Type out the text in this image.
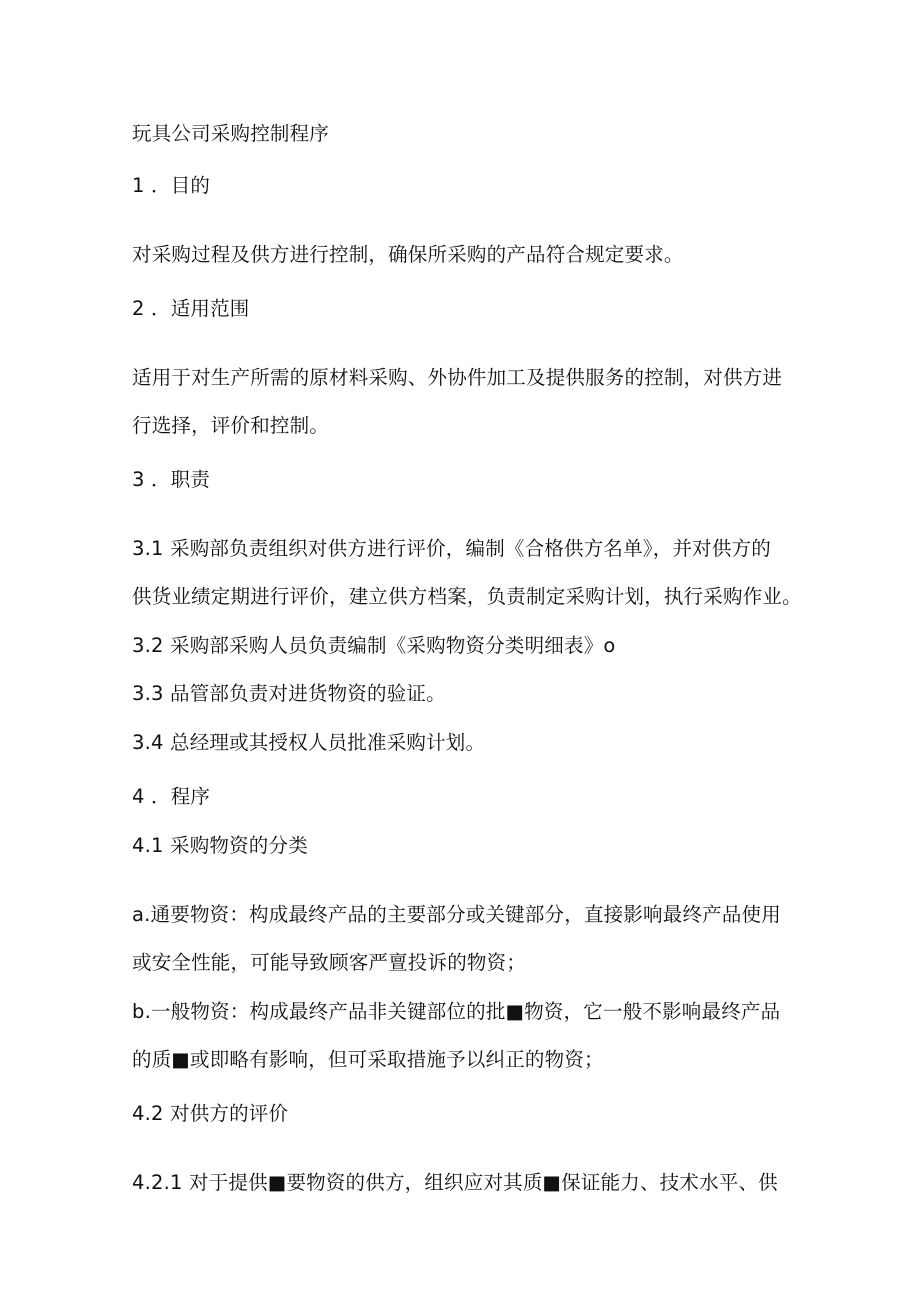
玩具公司采购控制程序
1 ．目的
对采购过程及供方进行控制，确保所采购的产品符合规定要求。
2 ．适用范围
适用于对生产所需的原材料采购、外协件加工及提供服务的控制，对供方进
行选择，评价和控制。
3 ．职责
3.1 采购部负责组织对供方进行评价，编制《合格供方名单》，并对供方的
供货业绩定期进行评价，建立供方档案，负责制定采购计划，执行采购作业。
3.2 采购部采购人员负责编制《采购物资分类明细表》o
3.3 品管部负责对进货物资的验证。
3.4 总经理或其授权人员批准采购计划。
4 ．程序
4.1 采购物资的分类
a.通要物资：构成最终产品的主要部分或关键部分，直接影响最终产品使用
或安全性能，可能导致顾客严亶投诉的物资；
b.一般物资：构成最终产品非关键部位的批■物资，它一般不影响最终产品
的质■或即略有影响，但可采取措施予以纠正的物资；
4.2 对供方的评价
4.2.1 对于提供■要物资的供方，组织应对其质■保证能力、技术水平、供
